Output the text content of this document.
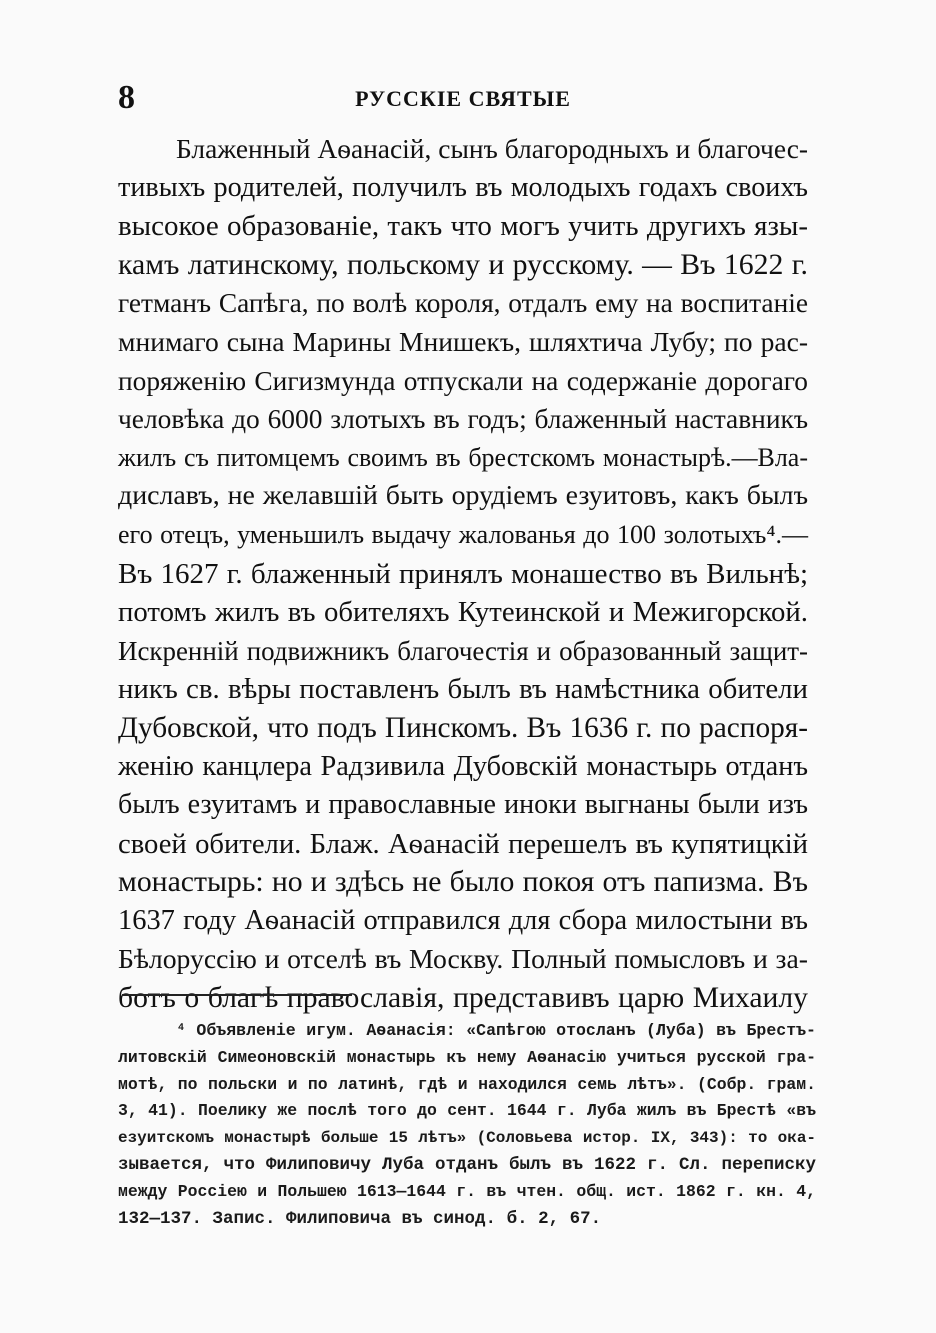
8	РУССКІЕ СВЯТЫЕ
Блаженный Аѳанасій, сынъ благородныхъ и благочес-
тивыхъ родителей, получилъ въ молодыхъ годахъ своихъ
высокое образованіе, такъ что могъ учить другихъ язы-
камъ латинскому, польскому и русскому. — Въ 1622 г.
гетманъ Сапѣга, по волѣ короля, отдалъ ему на воспитаніе
мнимаго сына Марины Мнишекъ, шляхтича Лубу; по рас-
поряженію Сигизмунда отпускали на содержаніе дорогаго
человѣка до 6000 злотыхъ въ годъ; блаженный наставникъ
жилъ съ питомцемъ своимъ въ брестскомъ монастырѣ.—Вла-
диславъ, не желавшій быть орудіемъ езуитовъ, какъ былъ
его отецъ, уменьшилъ выдачу жалованья до 100 золотыхъ⁴.—
Въ 1627 г. блаженный принялъ монашество въ Вильнѣ;
потомъ жилъ въ обителяхъ Кутеинской и Межигорской.
Искренній подвижникъ благочестія и образованный защит-
никъ св. вѣры поставленъ былъ въ намѣстника обители
Дубовской, что подъ Пинскомъ. Въ 1636 г. по распоря-
женію канцлера Радзивила Дубовскій монастырь отданъ
былъ езуитамъ и православные иноки выгнаны были изъ
своей обители. Блаж. Аѳанасій перешелъ въ купятицкій
монастырь: но и здѣсь не было покоя отъ папизма. Въ
1637 году Аѳанасій отправился для сбора милостыни въ
Бѣлоруссію и отселѣ въ Москву. Полный помысловъ и за-
ботъ о благѣ православія, представивъ царю Михаилу
⁴ Объявленіе игум. Аѳанасія: «Сапѣгою отосланъ (Луба) въ Брестъ-
литовскій Симеоновскій монастырь къ нему Аѳанасію учиться русской гра-
мотѣ, по польски и по латинѣ, гдѣ и находился семь лѣтъ». (Собр. грам.
3, 41). Поелику же послѣ того до сент. 1644 г. Луба жилъ въ Брестѣ «въ
езуитскомъ монастырѣ больше 15 лѣтъ» (Соловьева истор. IX, 343): то ока-
зывается, что Филиповичу Луба отданъ былъ въ 1622 г. Сл. переписку
между Россіею и Польшею 1613—1644 г. въ чтен. общ. ист. 1862 г. кн. 4,
132—137. Запис. Филиповича въ синод. б. 2, 67.
